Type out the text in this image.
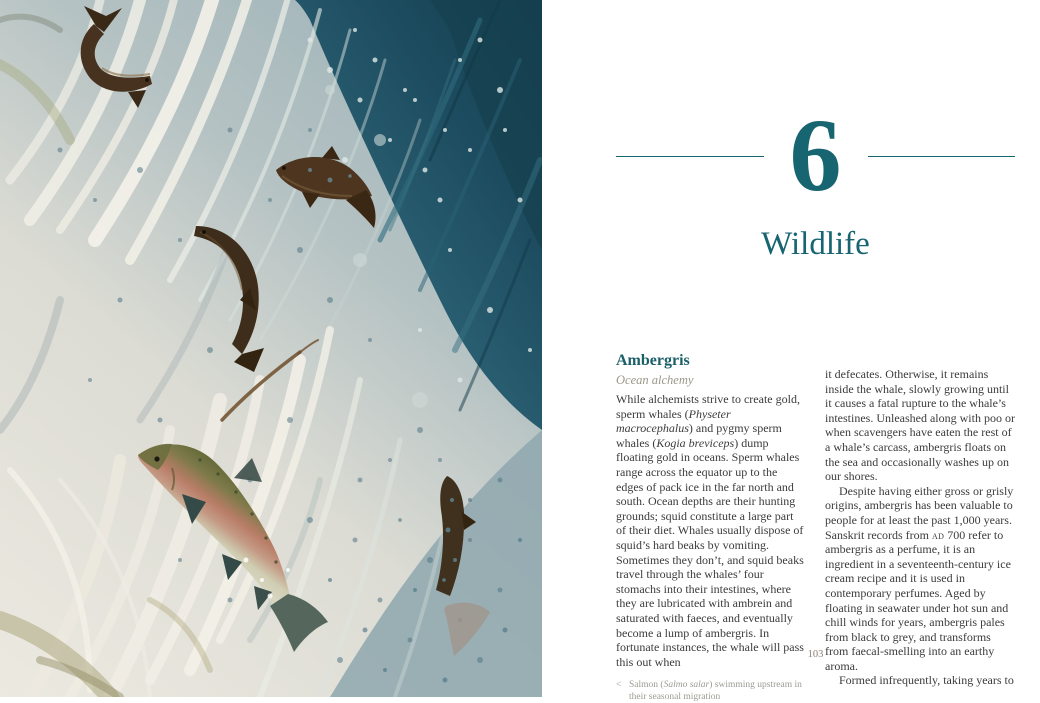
6
Wildlife
Ambergris
Ocean alchemy

While alchemists strive to create gold, sperm whales (Physeter macrocephalus) and pygmy sperm whales (Kogia breviceps) dump floating gold in oceans. Sperm whales range across the equator up to the edges of pack ice in the far north and south. Ocean depths are their hunting grounds; squid constitute a large part of their diet. Whales usually dispose of squid’s hard beaks by vomiting. Sometimes they don’t, and squid beaks travel through the whales’ four stomachs into their intestines, where they are lubricated with ambrein and saturated with faeces, and eventually become a lump of ambergris. In fortunate instances, the whale will pass this out when

< Salmon (Salmo salar) swimming upstream in their seasonal migration

it defecates. Otherwise, it remains inside the whale, slowly growing until it causes a fatal rupture to the whale’s intestines. Unleashed along with poo or when scavengers have eaten the rest of a whale’s carcass, ambergris floats on the sea and occasionally washes up on our shores.

Despite having either gross or grisly origins, ambergris has been valuable to people for at least the past 1,000 years. Sanskrit records from ad 700 refer to ambergris as a perfume, it is an ingredient in a seventeenth-century ice cream recipe and it is used in contemporary perfumes. Aged by floating in seawater under hot sun and chill winds for years, ambergris pales from black to grey, and transforms from faecal-smelling into an earthy aroma.

Formed infrequently, taking years to

103
